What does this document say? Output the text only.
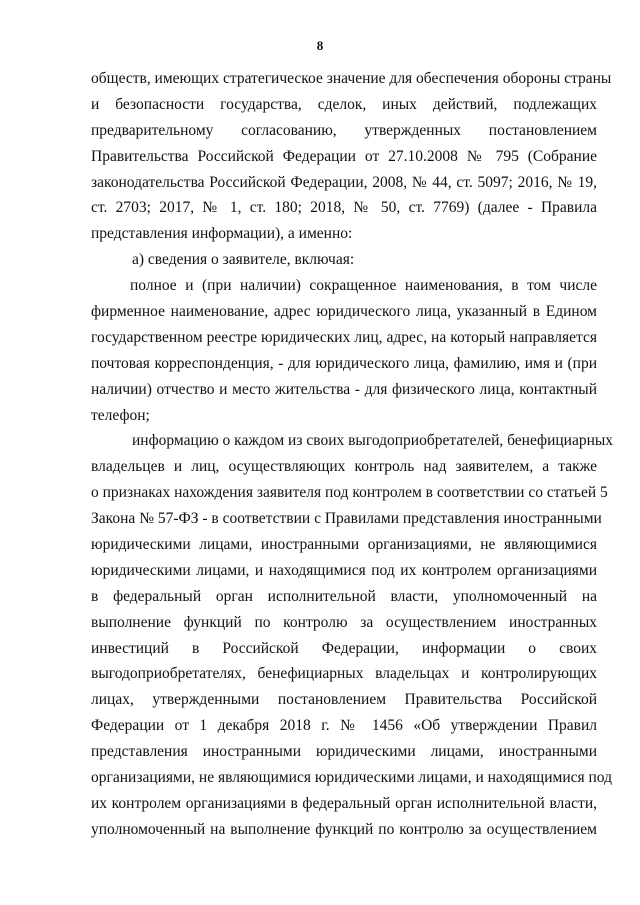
8
обществ, имеющих стратегическое значение для обеспечения обороны страны
и безопасности государства, сделок, иных действий, подлежащих
предварительному согласованию, утвержденных постановлением
Правительства Российской Федерации от 27.10.2008 № 795 (Собрание
законодательства Российской Федерации, 2008, № 44, ст. 5097; 2016, № 19,
ст. 2703; 2017, № 1, ст. 180; 2018, № 50, ст. 7769) (далее - Правила
представления информации), а именно:
а) сведения о заявителе, включая:
полное и (при наличии) сокращенное наименования, в том числе
фирменное наименование, адрес юридического лица, указанный в Едином
государственном реестре юридических лиц, адрес, на который направляется
почтовая корреспонденция, - для юридического лица, фамилию, имя и (при
наличии) отчество и место жительства - для физического лица, контактный
телефон;
информацию о каждом из своих выгодоприобретателей, бенефициарных
владельцев и лиц, осуществляющих контроль над заявителем, а также
о признаках нахождения заявителя под контролем в соответствии со статьей 5
Закона № 57-ФЗ - в соответствии с Правилами представления иностранными
юридическими лицами, иностранными организациями, не являющимися
юридическими лицами, и находящимися под их контролем организациями
в федеральный орган исполнительной власти, уполномоченный на
выполнение функций по контролю за осуществлением иностранных
инвестиций в Российской Федерации, информации о своих
выгодоприобретателях, бенефициарных владельцах и контролирующих
лицах, утвержденными постановлением Правительства Российской
Федерации от 1 декабря 2018 г. № 1456 «Об утверждении Правил
представления иностранными юридическими лицами, иностранными
организациями, не являющимися юридическими лицами, и находящимися под
их контролем организациями в федеральный орган исполнительной власти,
уполномоченный на выполнение функций по контролю за осуществлением
